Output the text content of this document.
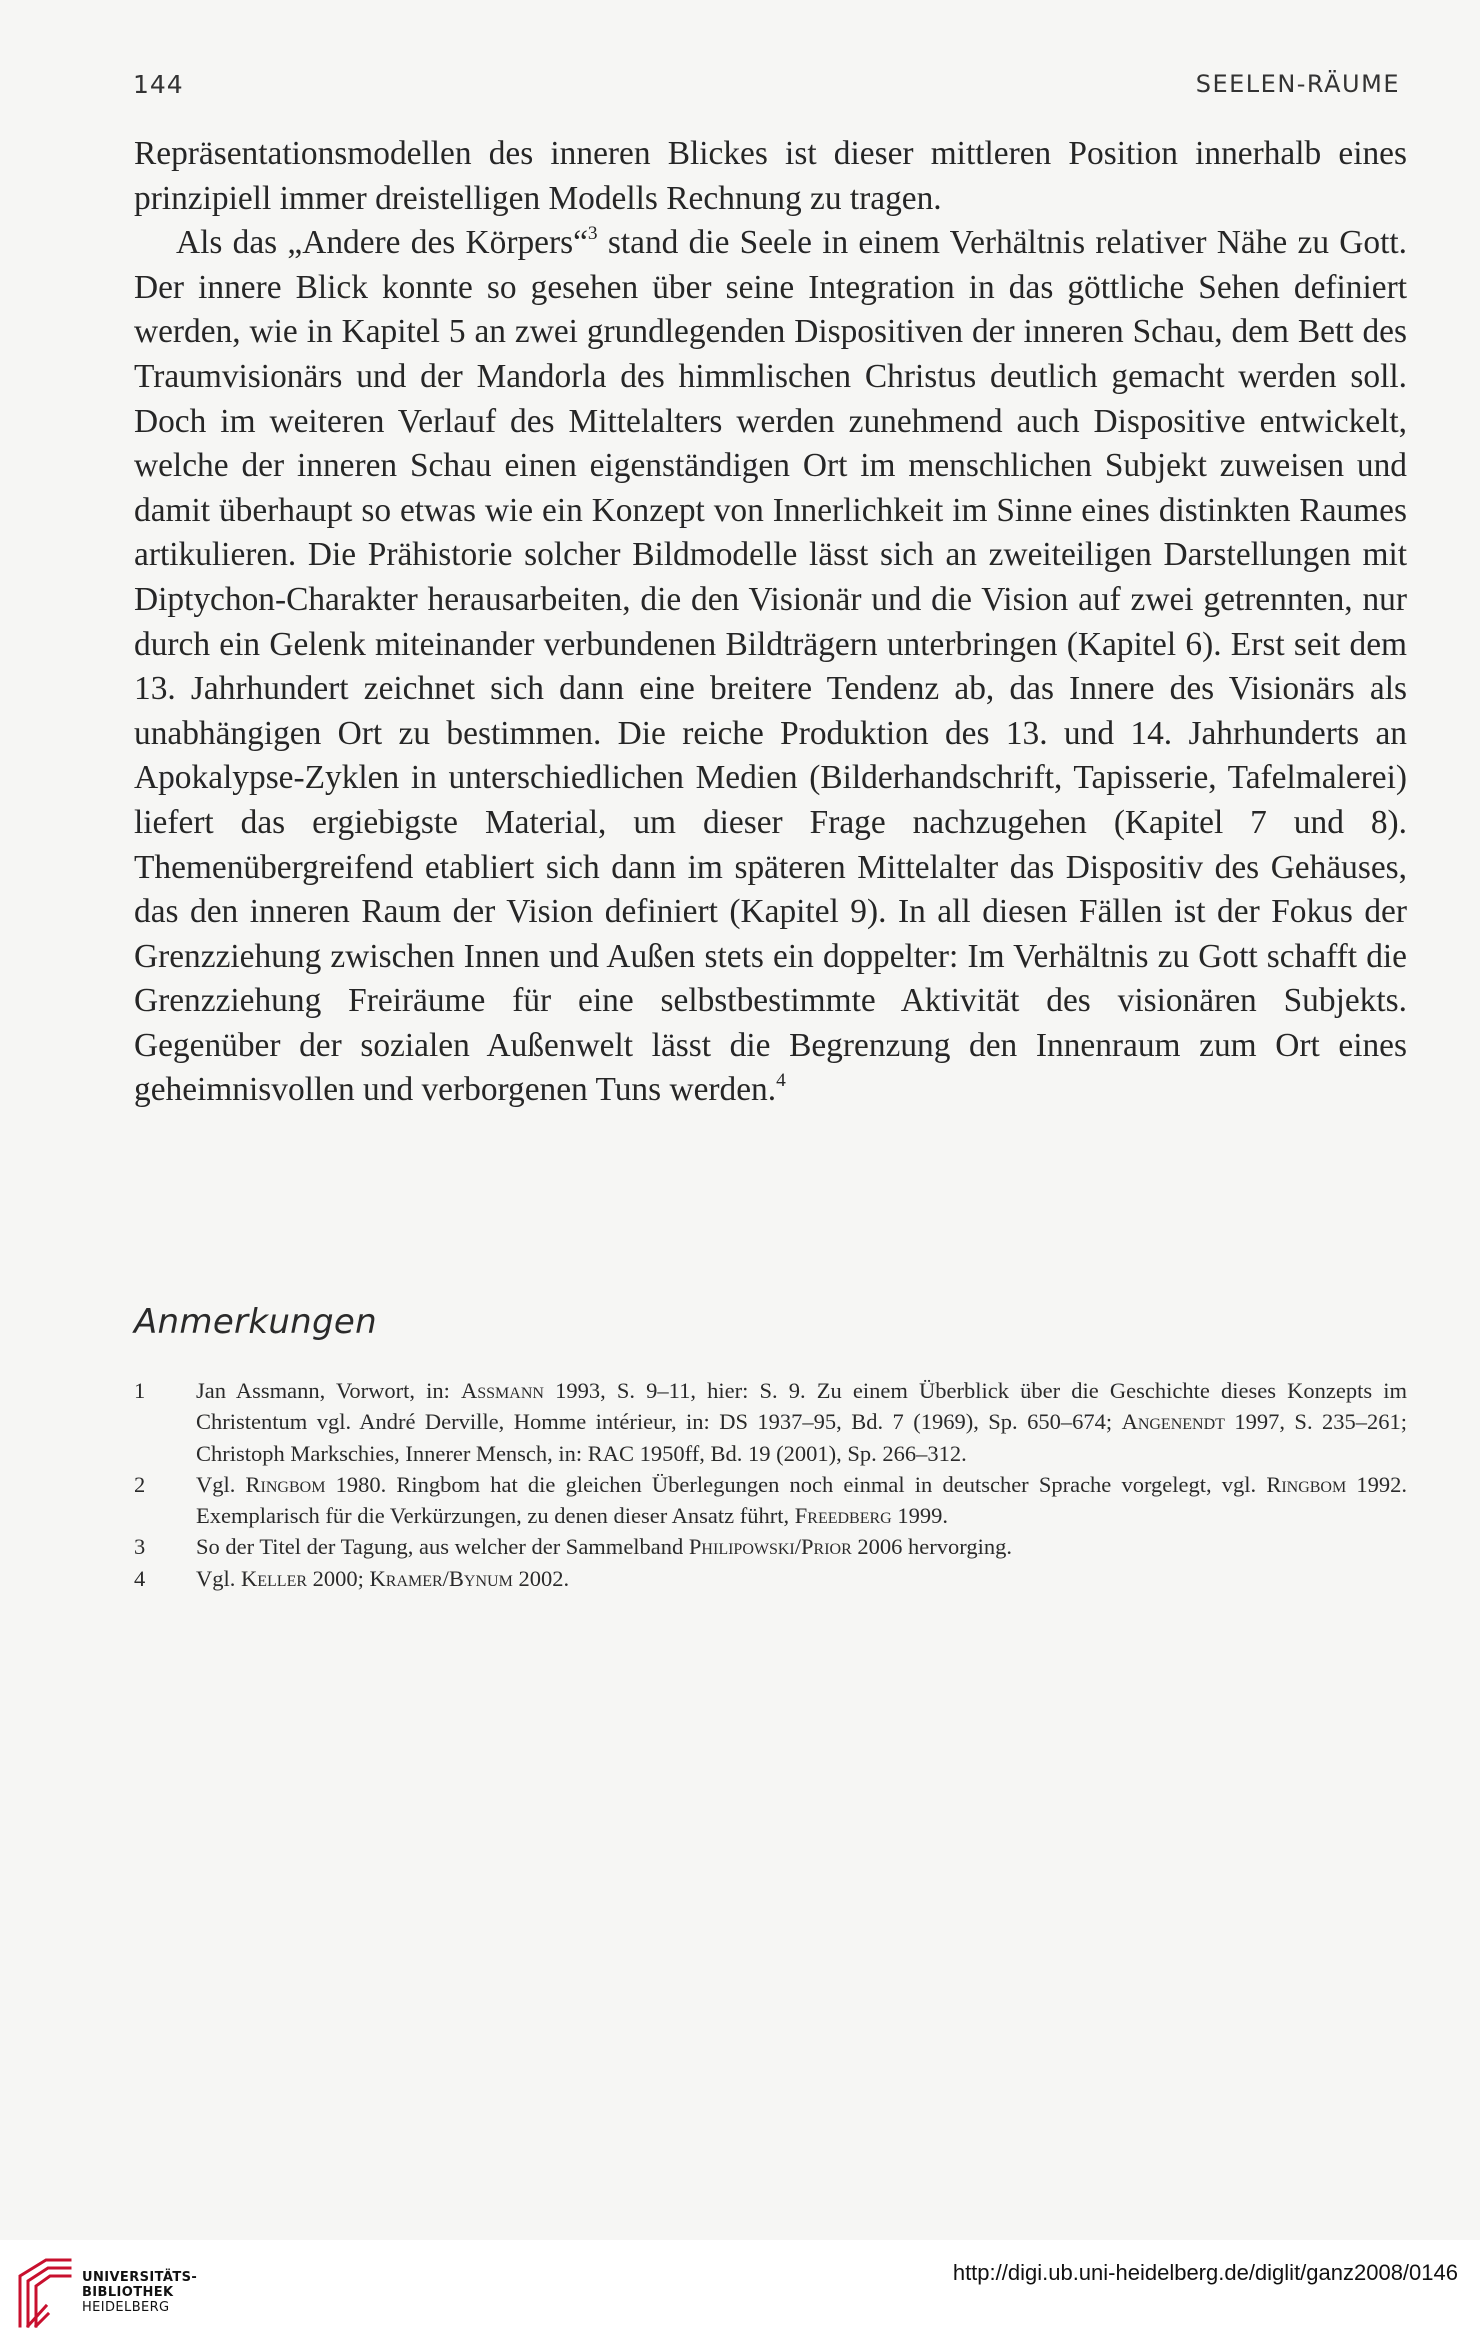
144	SEELEN-RÄUME

Repräsentationsmodellen des inneren Blickes ist dieser mittleren Position innerhalb eines prinzipiell immer dreistelligen Modells Rechnung zu tragen.

Als das „Andere des Körpers“$^3$ stand die Seele in einem Verhältnis relativer Nähe zu Gott. Der innere Blick konnte so gesehen über seine Integration in das göttliche Sehen definiert werden, wie in Kapitel 5 an zwei grundlegenden Dispositiven der inneren Schau, dem Bett des Traumvisionärs und der Mandorla des himmlischen Christus deutlich gemacht werden soll. Doch im weiteren Verlauf des Mittelalters werden zunehmend auch Dispositive entwickelt, welche der inneren Schau einen eigenständigen Ort im menschlichen Subjekt zuweisen und damit überhaupt so etwas wie ein Konzept von Innerlichkeit im Sinne eines distinkten Raumes artikulieren. Die Prähistorie solcher Bildmodelle lässt sich an zweiteiligen Darstellungen mit Diptychon-Charakter herausarbeiten, die den Visionär und die Vision auf zwei getrennten, nur durch ein Gelenk miteinander verbundenen Bildträgern unterbringen (Kapitel 6). Erst seit dem 13. Jahrhundert zeichnet sich dann eine breitere Tendenz ab, das Innere des Visionärs als unabhängigen Ort zu bestimmen. Die reiche Produktion des 13. und 14. Jahrhunderts an Apokalypse-Zyklen in unterschiedlichen Medien (Bilderhandschrift, Tapisserie, Tafelmalerei) liefert das ergiebigste Material, um dieser Frage nachzugehen (Kapitel 7 und 8). Themenübergreifend etabliert sich dann im späteren Mittelalter das Dispositiv des Gehäuses, das den inneren Raum der Vision definiert (Kapitel 9). In all diesen Fällen ist der Fokus der Grenzziehung zwischen Innen und Außen stets ein doppelter: Im Verhältnis zu Gott schafft die Grenzziehung Freiräume für eine selbstbestimmte Aktivität des visionären Subjekts. Gegenüber der sozialen Außenwelt lässt die Begrenzung den Innenraum zum Ort eines geheimnisvollen und verborgenen Tuns werden.$^4$

Anmerkungen
1 Jan Assmann, Vorwort, in: Assmann 1993, S. 9–11, hier: S. 9. Zu einem Überblick über die Geschichte dieses Konzepts im Christentum vgl. André Derville, Homme intérieur, in: DS 1937–95, Bd. 7 (1969), Sp. 650–674; Angenendt 1997, S. 235–261; Christoph Markschies, Innerer Mensch, in: RAC 1950ff, Bd. 19 (2001), Sp. 266–312.
2 Vgl. Ringbom 1980. Ringbom hat die gleichen Überlegungen noch einmal in deutscher Sprache vorgelegt, vgl. Ringbom 1992. Exemplarisch für die Verkürzungen, zu denen dieser Ansatz führt, Freedberg 1999.
3 So der Titel der Tagung, aus welcher der Sammelband Philipowski/Prior 2006 hervorging.
4 Vgl. Keller 2000; Kramer/Bynum 2002.
UNIVERSITÄTS-
BIBLIOTHEK
HEIDELBERG
http://digi.ub.uni-heidelberg.de/diglit/ganz2008/0146
